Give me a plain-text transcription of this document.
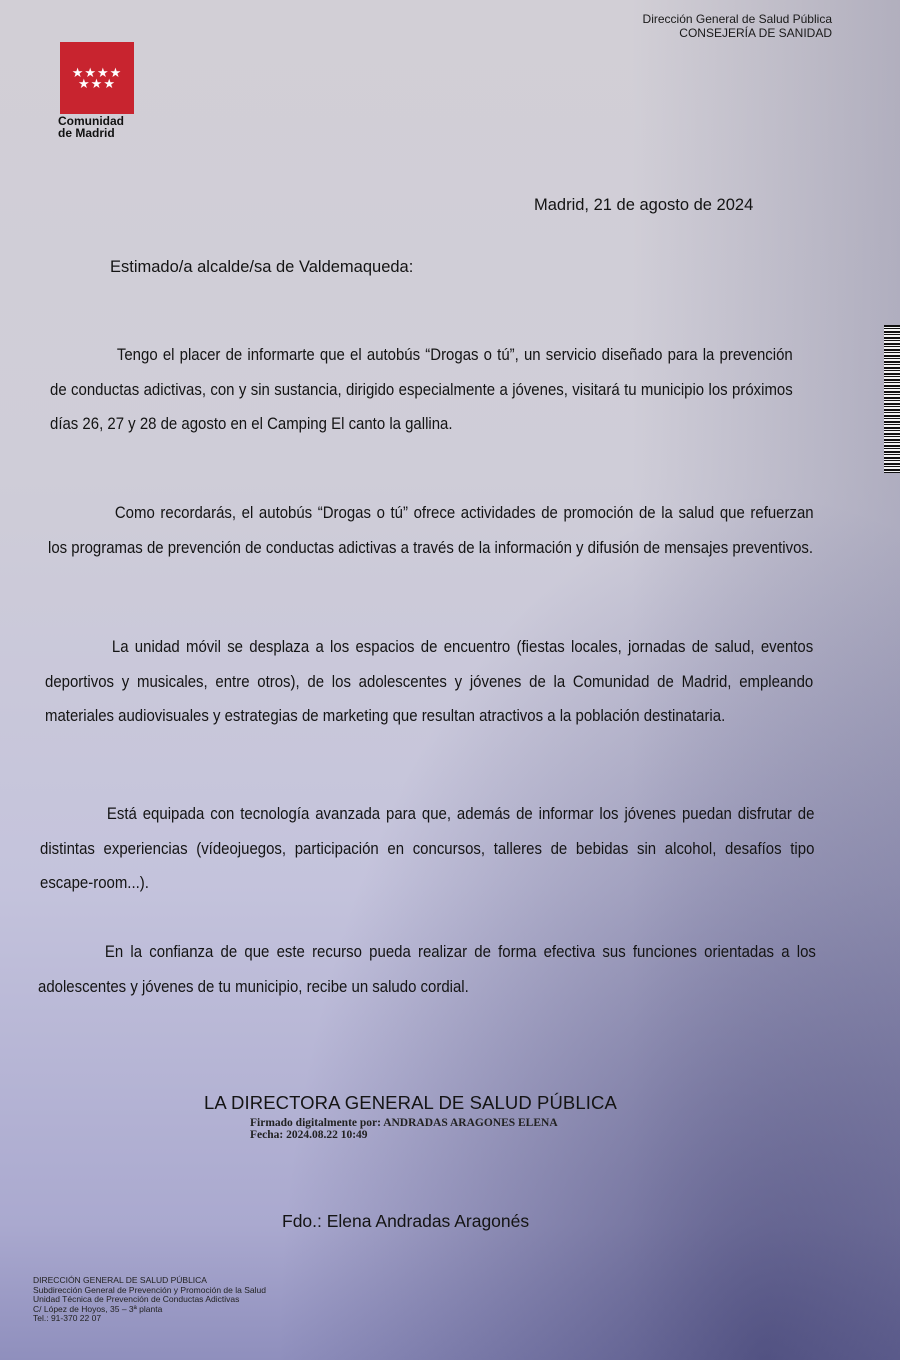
★★★★
★★★
Comunidad
de Madrid
Dirección General de Salud Pública
CONSEJERÍA DE SANIDAD
Madrid, 21 de agosto de 2024
Estimado/a alcalde/sa de Valdemaqueda:
Tengo el placer de informarte que el autobús “Drogas o tú”, un servicio diseñado para la prevención de conductas adictivas, con y sin sustancia, dirigido especialmente a jóvenes, visitará tu municipio los próximos días 26, 27 y 28 de agosto en el Camping El canto la gallina.
Como recordarás, el autobús “Drogas o tú” ofrece actividades de promoción de la salud que refuerzan los programas de prevención de conductas adictivas a través de la información y difusión de mensajes preventivos.
La unidad móvil se desplaza a los espacios de encuentro (fiestas locales, jornadas de salud, eventos deportivos y musicales, entre otros), de los adolescentes y jóvenes de la Comunidad de Madrid, empleando materiales audiovisuales y estrategias de marketing que resultan atractivos a la población destinataria.
Está equipada con tecnología avanzada para que, además de informar los jóvenes puedan disfrutar de distintas experiencias (vídeojuegos, participación en concursos, talleres de bebidas sin alcohol, desafíos tipo escape-room...).
En la confianza de que este recurso pueda realizar de forma efectiva sus funciones orientadas a los adolescentes y jóvenes de tu municipio, recibe un saludo cordial.
LA DIRECTORA GENERAL DE SALUD PÚBLICA
Firmado digitalmente por: ANDRADAS ARAGONES ELENA
Fecha: 2024.08.22 10:49
Fdo.: Elena Andradas Aragonés
DIRECCIÓN GENERAL DE SALUD PÚBLICA
Subdirección General de Prevención y Promoción de la Salud
Unidad Técnica de Prevención de Conductas Adictivas
C/ López de Hoyos, 35 – 3ª planta
Tel.: 91-370 22 07
